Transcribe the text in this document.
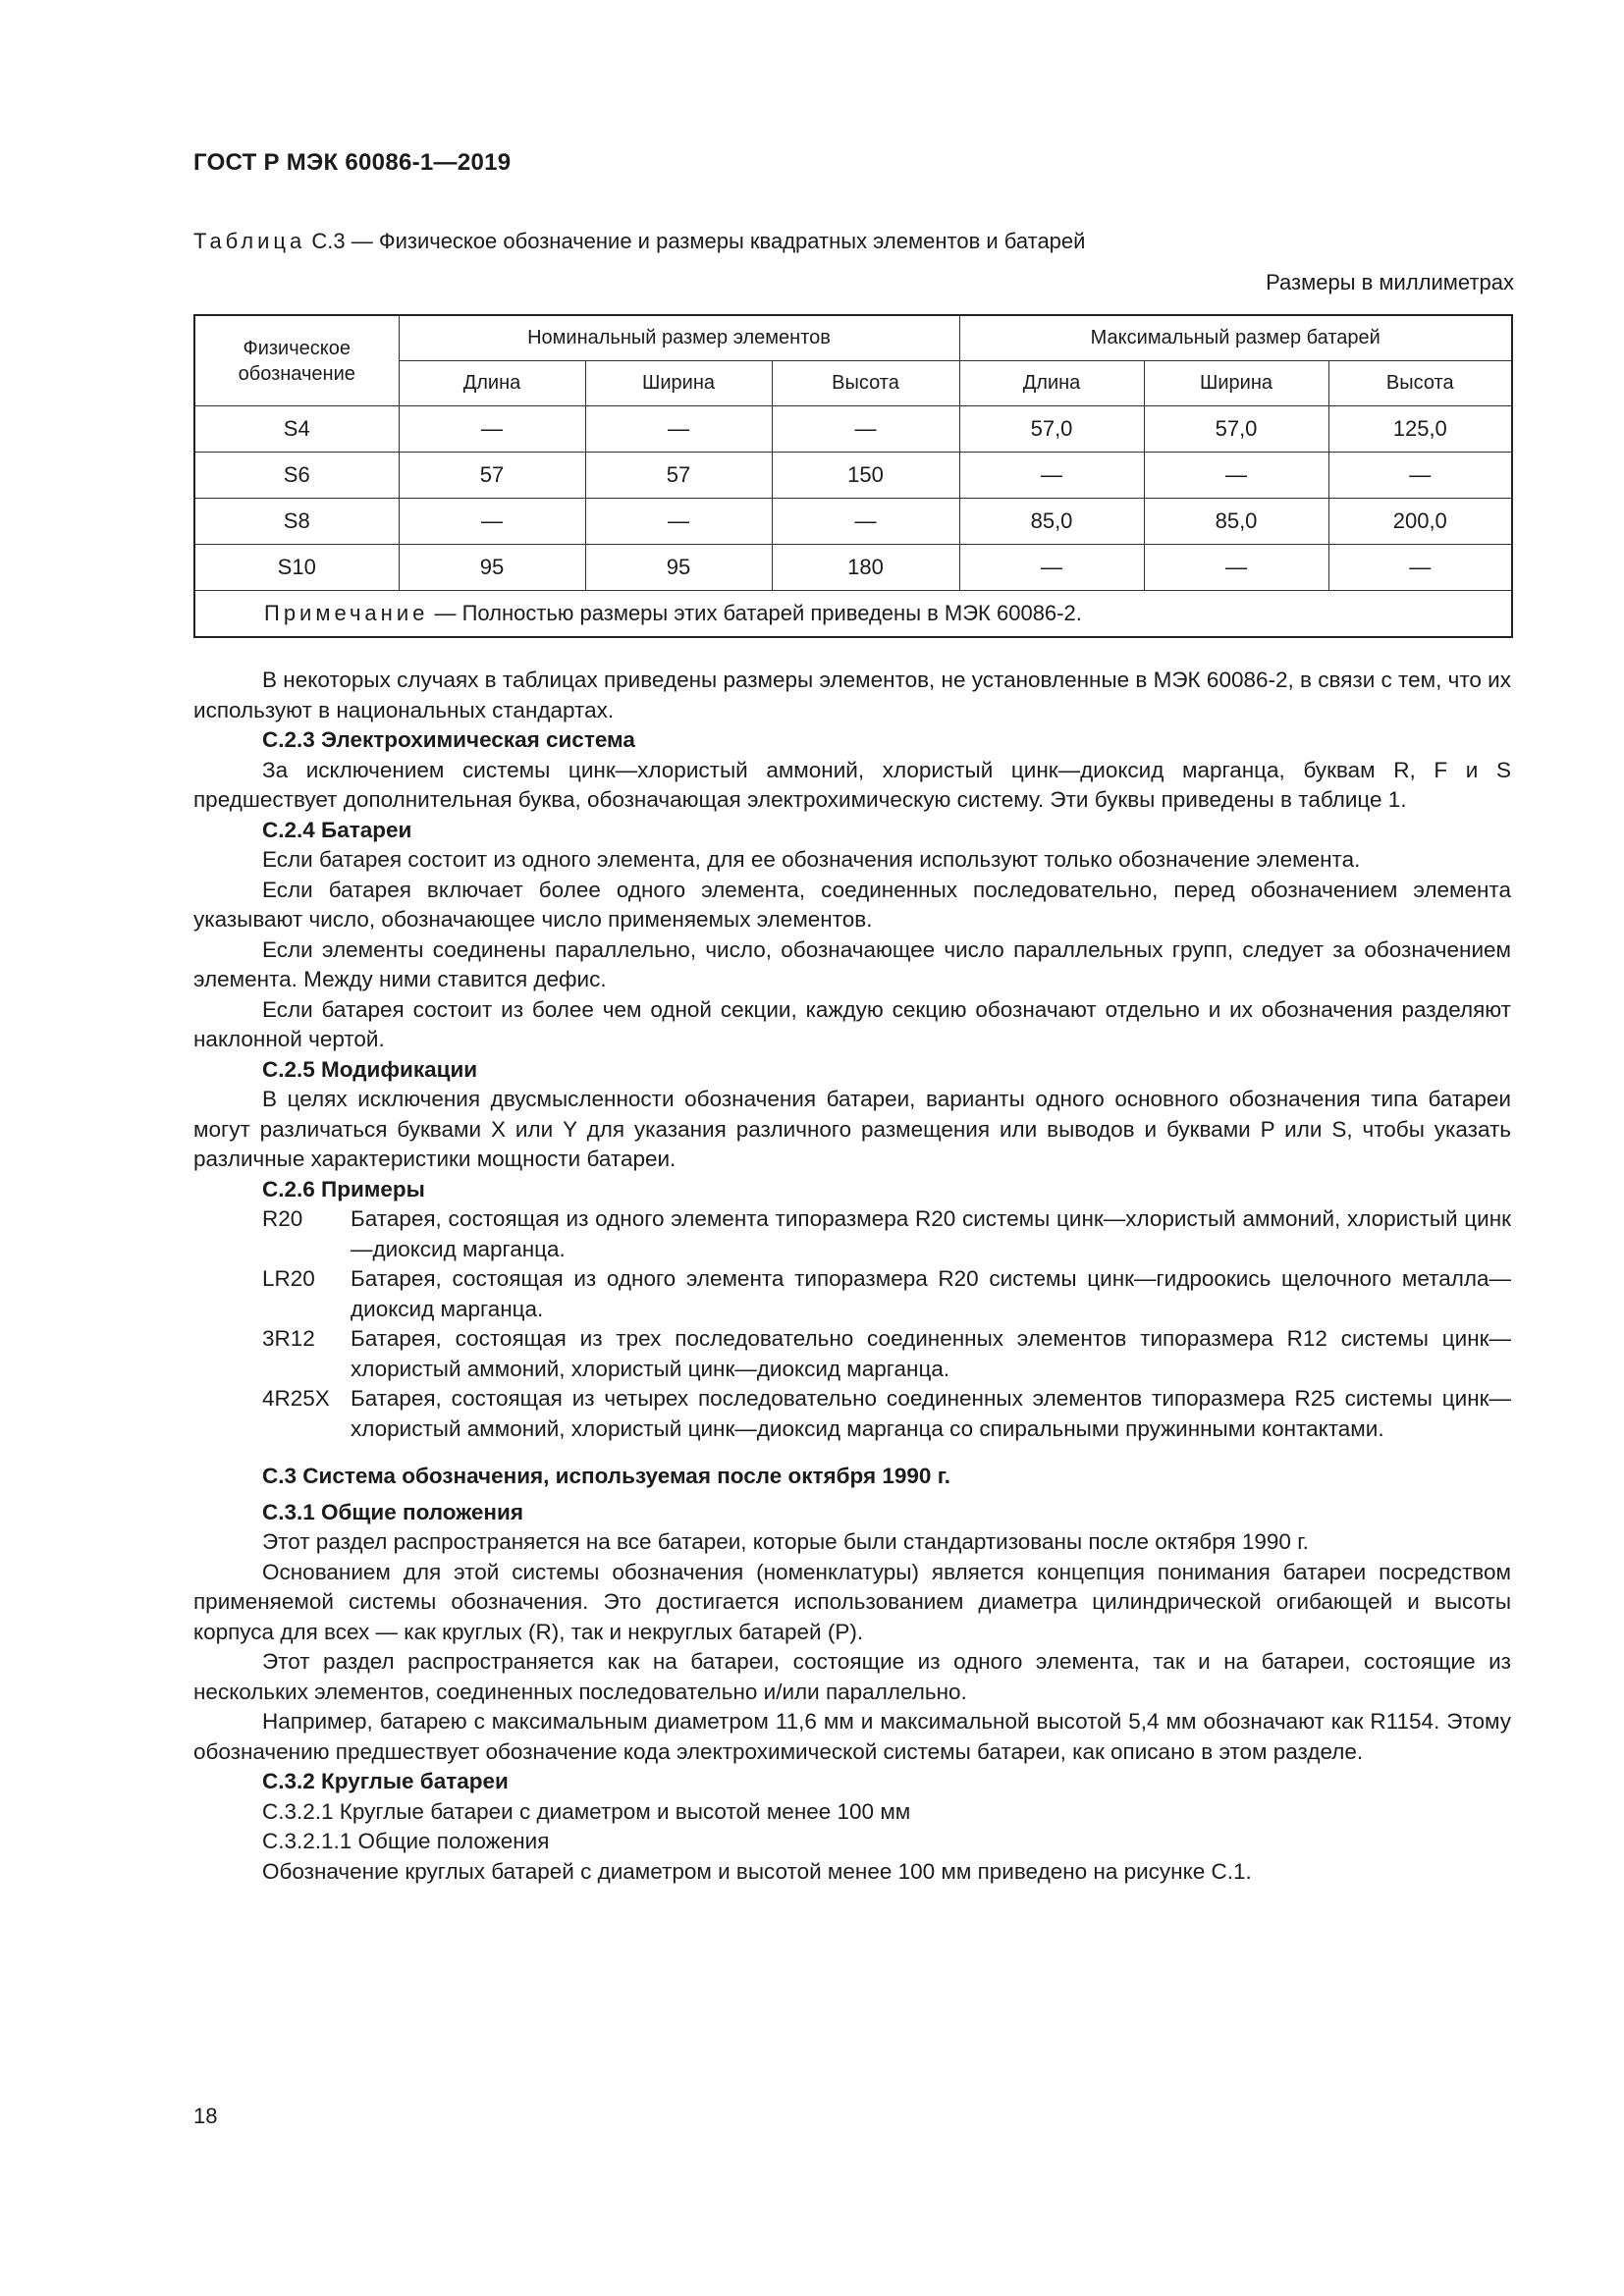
ГОСТ Р МЭК 60086-1—2019
Таблица С.3 — Физическое обозначение и размеры квадратных элементов и батарей
Размеры в миллиметрах
Физическое обозначение	Номинальный размер элементов			Максимальный размер батарей		
	Длина	Ширина	Высота	Длина	Ширина	Высота
S4	—	—	—	57,0	57,0	125,0
S6	57	57	150	—	—	—
S8	—	—	—	85,0	85,0	200,0
S10	95	95	180	—	—	—
Примечание — Полностью размеры этих батарей приведены в МЭК 60086-2.						

В некоторых случаях в таблицах приведены размеры элементов, не установленные в МЭК 60086-2, в связи с тем, что их используют в национальных стандартах.

С.2.3 Электрохимическая система

За исключением системы цинк—хлористый аммоний, хлористый цинк—диоксид марганца, буквам R, F и S предшествует дополнительная буква, обозначающая электрохимическую систему. Эти буквы приведены в таблице 1.

С.2.4 Батареи

Если батарея состоит из одного элемента, для ее обозначения используют только обозначение элемента.

Если батарея включает более одного элемента, соединенных последовательно, перед обозначением элемента указывают число, обозначающее число применяемых элементов.

Если элементы соединены параллельно, число, обозначающее число параллельных групп, следует за обозначением элемента. Между ними ставится дефис.

Если батарея состоит из более чем одной секции, каждую секцию обозначают отдельно и их обозначения разделяют наклонной чертой.

С.2.5 Модификации

В целях исключения двусмысленности обозначения батареи, варианты одного основного обозначения типа батареи могут различаться буквами X или Y для указания различного размещения или выводов и буквами P или S, чтобы указать различные характеристики мощности батареи.

С.2.6 Примеры
R20	Батарея, состоящая из одного элемента типоразмера R20 системы цинк—хлористый аммоний, хлористый цинк—диоксид марганца.
LR20	Батарея, состоящая из одного элемента типоразмера R20 системы цинк—гидроокись щелочного металла—диоксид марганца.
3R12	Батарея, состоящая из трех последовательно соединенных элементов типоразмера R12 системы цинк—хлористый аммоний, хлористый цинк—диоксид марганца.
4R25X Батарея, состоящая из четырех последовательно соединенных элементов типоразмера R25 системы цинк—хлористый аммоний, хлористый цинк—диоксид марганца со спиральными пружинными контактами.
С.3 Система обозначения, используемая после октября 1990 г.
С.3.1 Общие положения

Этот раздел распространяется на все батареи, которые были стандартизованы после октября 1990 г.

Основанием для этой системы обозначения (номенклатуры) является концепция понимания батареи посредством применяемой системы обозначения. Это достигается использованием диаметра цилиндрической огибающей и высоты корпуса для всех — как круглых (R), так и некруглых батарей (P).

Этот раздел распространяется как на батареи, состоящие из одного элемента, так и на батареи, состоящие из нескольких элементов, соединенных последовательно и/или параллельно.

Например, батарею с максимальным диаметром 11,6 мм и максимальной высотой 5,4 мм обозначают как R1154. Этому обозначению предшествует обозначение кода электрохимической системы батареи, как описано в этом разделе.

С.3.2 Круглые батареи
С.3.2.1 Круглые батареи с диаметром и высотой менее 100 мм
С.3.2.1.1 Общие положения

Обозначение круглых батарей с диаметром и высотой менее 100 мм приведено на рисунке С.1.

18
